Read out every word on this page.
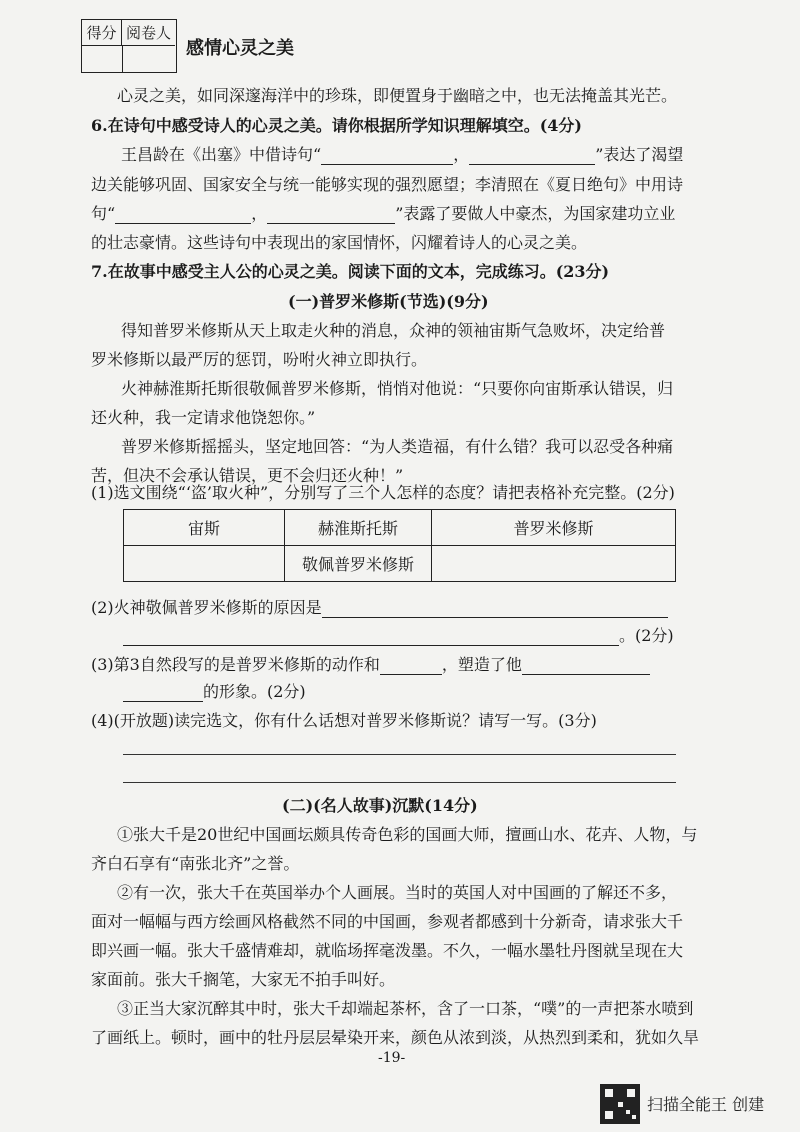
得分 阅卷人
感情心灵之美
心灵之美，如同深邃海洋中的珍珠，即便置身于幽暗之中，也无法掩盖其光芒。
6.在诗句中感受诗人的心灵之美。请你根据所学知识理解填空。(4分)
王昌龄在《出塞》中借诗句“	，	”表达了渴望
边关能够巩固、国家安全与统一能够实现的强烈愿望；李清照在《夏日绝句》中用诗
句“	，	”表露了要做人中豪杰，为国家建功立业
的壮志豪情。这些诗句中表现出的家国情怀，闪耀着诗人的心灵之美。
7.在故事中感受主人公的心灵之美。阅读下面的文本，完成练习。(23分)
(一)普罗米修斯(节选)(9分)
得知普罗米修斯从天上取走火种的消息，众神的领袖宙斯气急败坏，决定给普
罗米修斯以最严厉的惩罚，吩咐火神立即执行。
火神赫淮斯托斯很敬佩普罗米修斯，悄悄对他说：“只要你向宙斯承认错误，归
还火种，我一定请求他饶恕你。”
普罗米修斯摇摇头，坚定地回答：“为人类造福，有什么错？我可以忍受各种痛
苦，但决不会承认错误，更不会归还火种！”
(1)选文围绕“‘盗’取火种”，分别写了三个人怎样的态度？请把表格补充完整。(2分)
宙斯	赫淮斯托斯	普罗米修斯
	敬佩普罗米修斯	
(2)火神敬佩普罗米修斯的原因是
。(2分)
(3)第3自然段写的是普罗米修斯的动作和	，塑造了他
的形象。(2分)
(4)(开放题)读完选文，你有什么话想对普罗米修斯说？请写一写。(3分)
(二)(名人故事)沉默(14分)
①张大千是20世纪中国画坛颇具传奇色彩的国画大师，擅画山水、花卉、人物，与
齐白石享有“南张北齐”之誉。
②有一次，张大千在英国举办个人画展。当时的英国人对中国画的了解还不多，
面对一幅幅与西方绘画风格截然不同的中国画，参观者都感到十分新奇，请求张大千
即兴画一幅。张大千盛情难却，就临场挥毫泼墨。不久，一幅水墨牡丹图就呈现在大
家面前。张大千搁笔，大家无不拍手叫好。
③正当大家沉醉其中时，张大千却端起茶杯，含了一口茶，“噗”的一声把茶水喷到
了画纸上。顿时，画中的牡丹层层晕染开来，颜色从浓到淡，从热烈到柔和，犹如久旱
-19-
扫描全能王 创建
